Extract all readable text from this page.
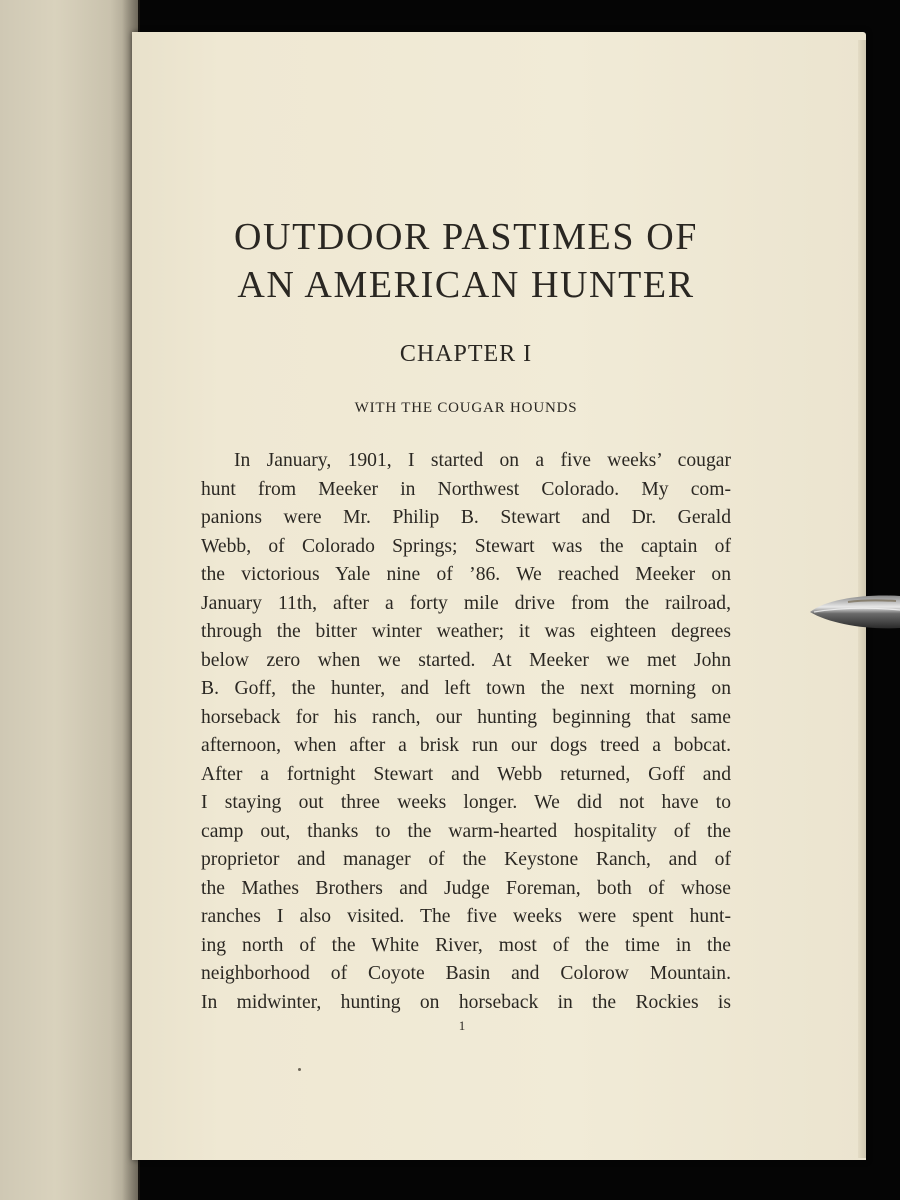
OUTDOOR PASTIMES OF
AN AMERICAN HUNTER
CHAPTER I
WITH THE COUGAR HOUNDS
In January, 1901, I started on a five weeks’ cougar
hunt from Meeker in Northwest Colorado. My com-
panions were Mr. Philip B. Stewart and Dr. Gerald
Webb, of Colorado Springs; Stewart was the captain of
the victorious Yale nine of ’86. We reached Meeker on
January 11th, after a forty mile drive from the railroad,
through the bitter winter weather; it was eighteen degrees
below zero when we started. At Meeker we met John
B. Goff, the hunter, and left town the next morning on
horseback for his ranch, our hunting beginning that same
afternoon, when after a brisk run our dogs treed a bobcat.
After a fortnight Stewart and Webb returned, Goff and
I staying out three weeks longer. We did not have to
camp out, thanks to the warm-hearted hospitality of the
proprietor and manager of the Keystone Ranch, and of
the Mathes Brothers and Judge Foreman, both of whose
ranches I also visited. The five weeks were spent hunt-
ing north of the White River, most of the time in the
neighborhood of Coyote Basin and Colorow Mountain.
In midwinter, hunting on horseback in the Rockies is
1
